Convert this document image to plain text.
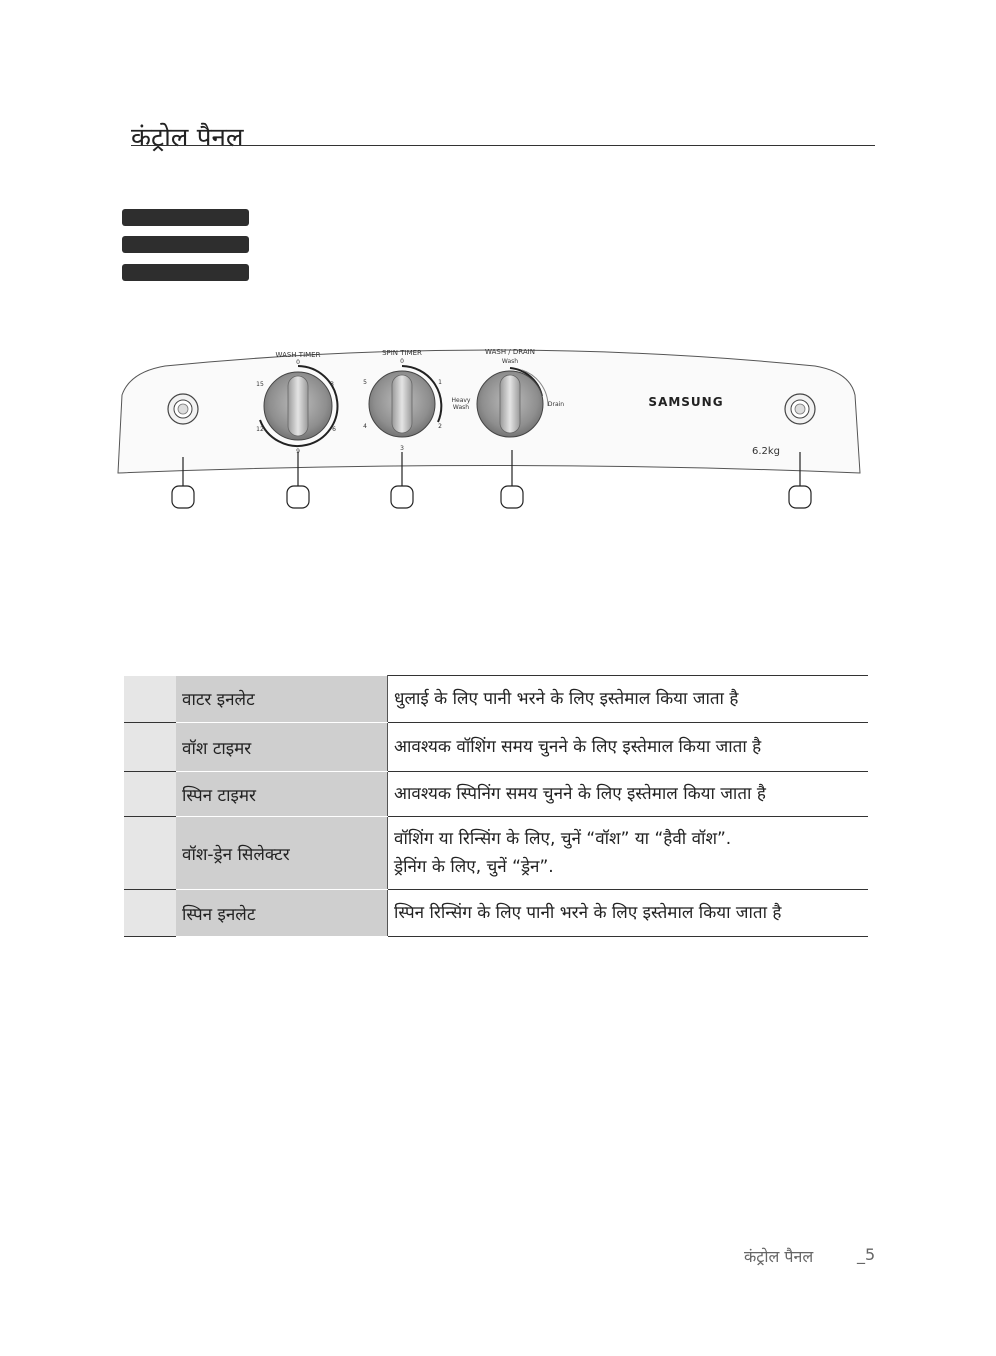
कंट्रोल पैनल
WASH TIMER
0
3
6
9
12
15
SPIN TIMER
0
1
2
3
4
5
WASH / DRAIN
Wash
Heavy
Wash	Drain	SAMSUNG
6.2kg
	वाटर इनलेट	धुलाई के लिए पानी भरने के लिए इस्तेमाल किया जाता है

	वॉश टाइमर	आवश्यक वॉशिंग समय चुनने के लिए इस्तेमाल किया जाता है

	स्पिन टाइमर	आवश्यक स्पिनिंग समय चुनने के लिए इस्तेमाल किया जाता है

	वॉश-ड्रेन सिलेक्टर	वॉशिंग या रिन्सिंग के लिए, चुनें “वॉश” या “हैवी वॉश”.
ड्रेनिंग के लिए, चुनें “ड्रेन”.

	स्पिन इनलेट	स्पिन रिन्सिंग के लिए पानी भरने के लिए इस्तेमाल किया जाता है
कंट्रोल पैनल	_5
